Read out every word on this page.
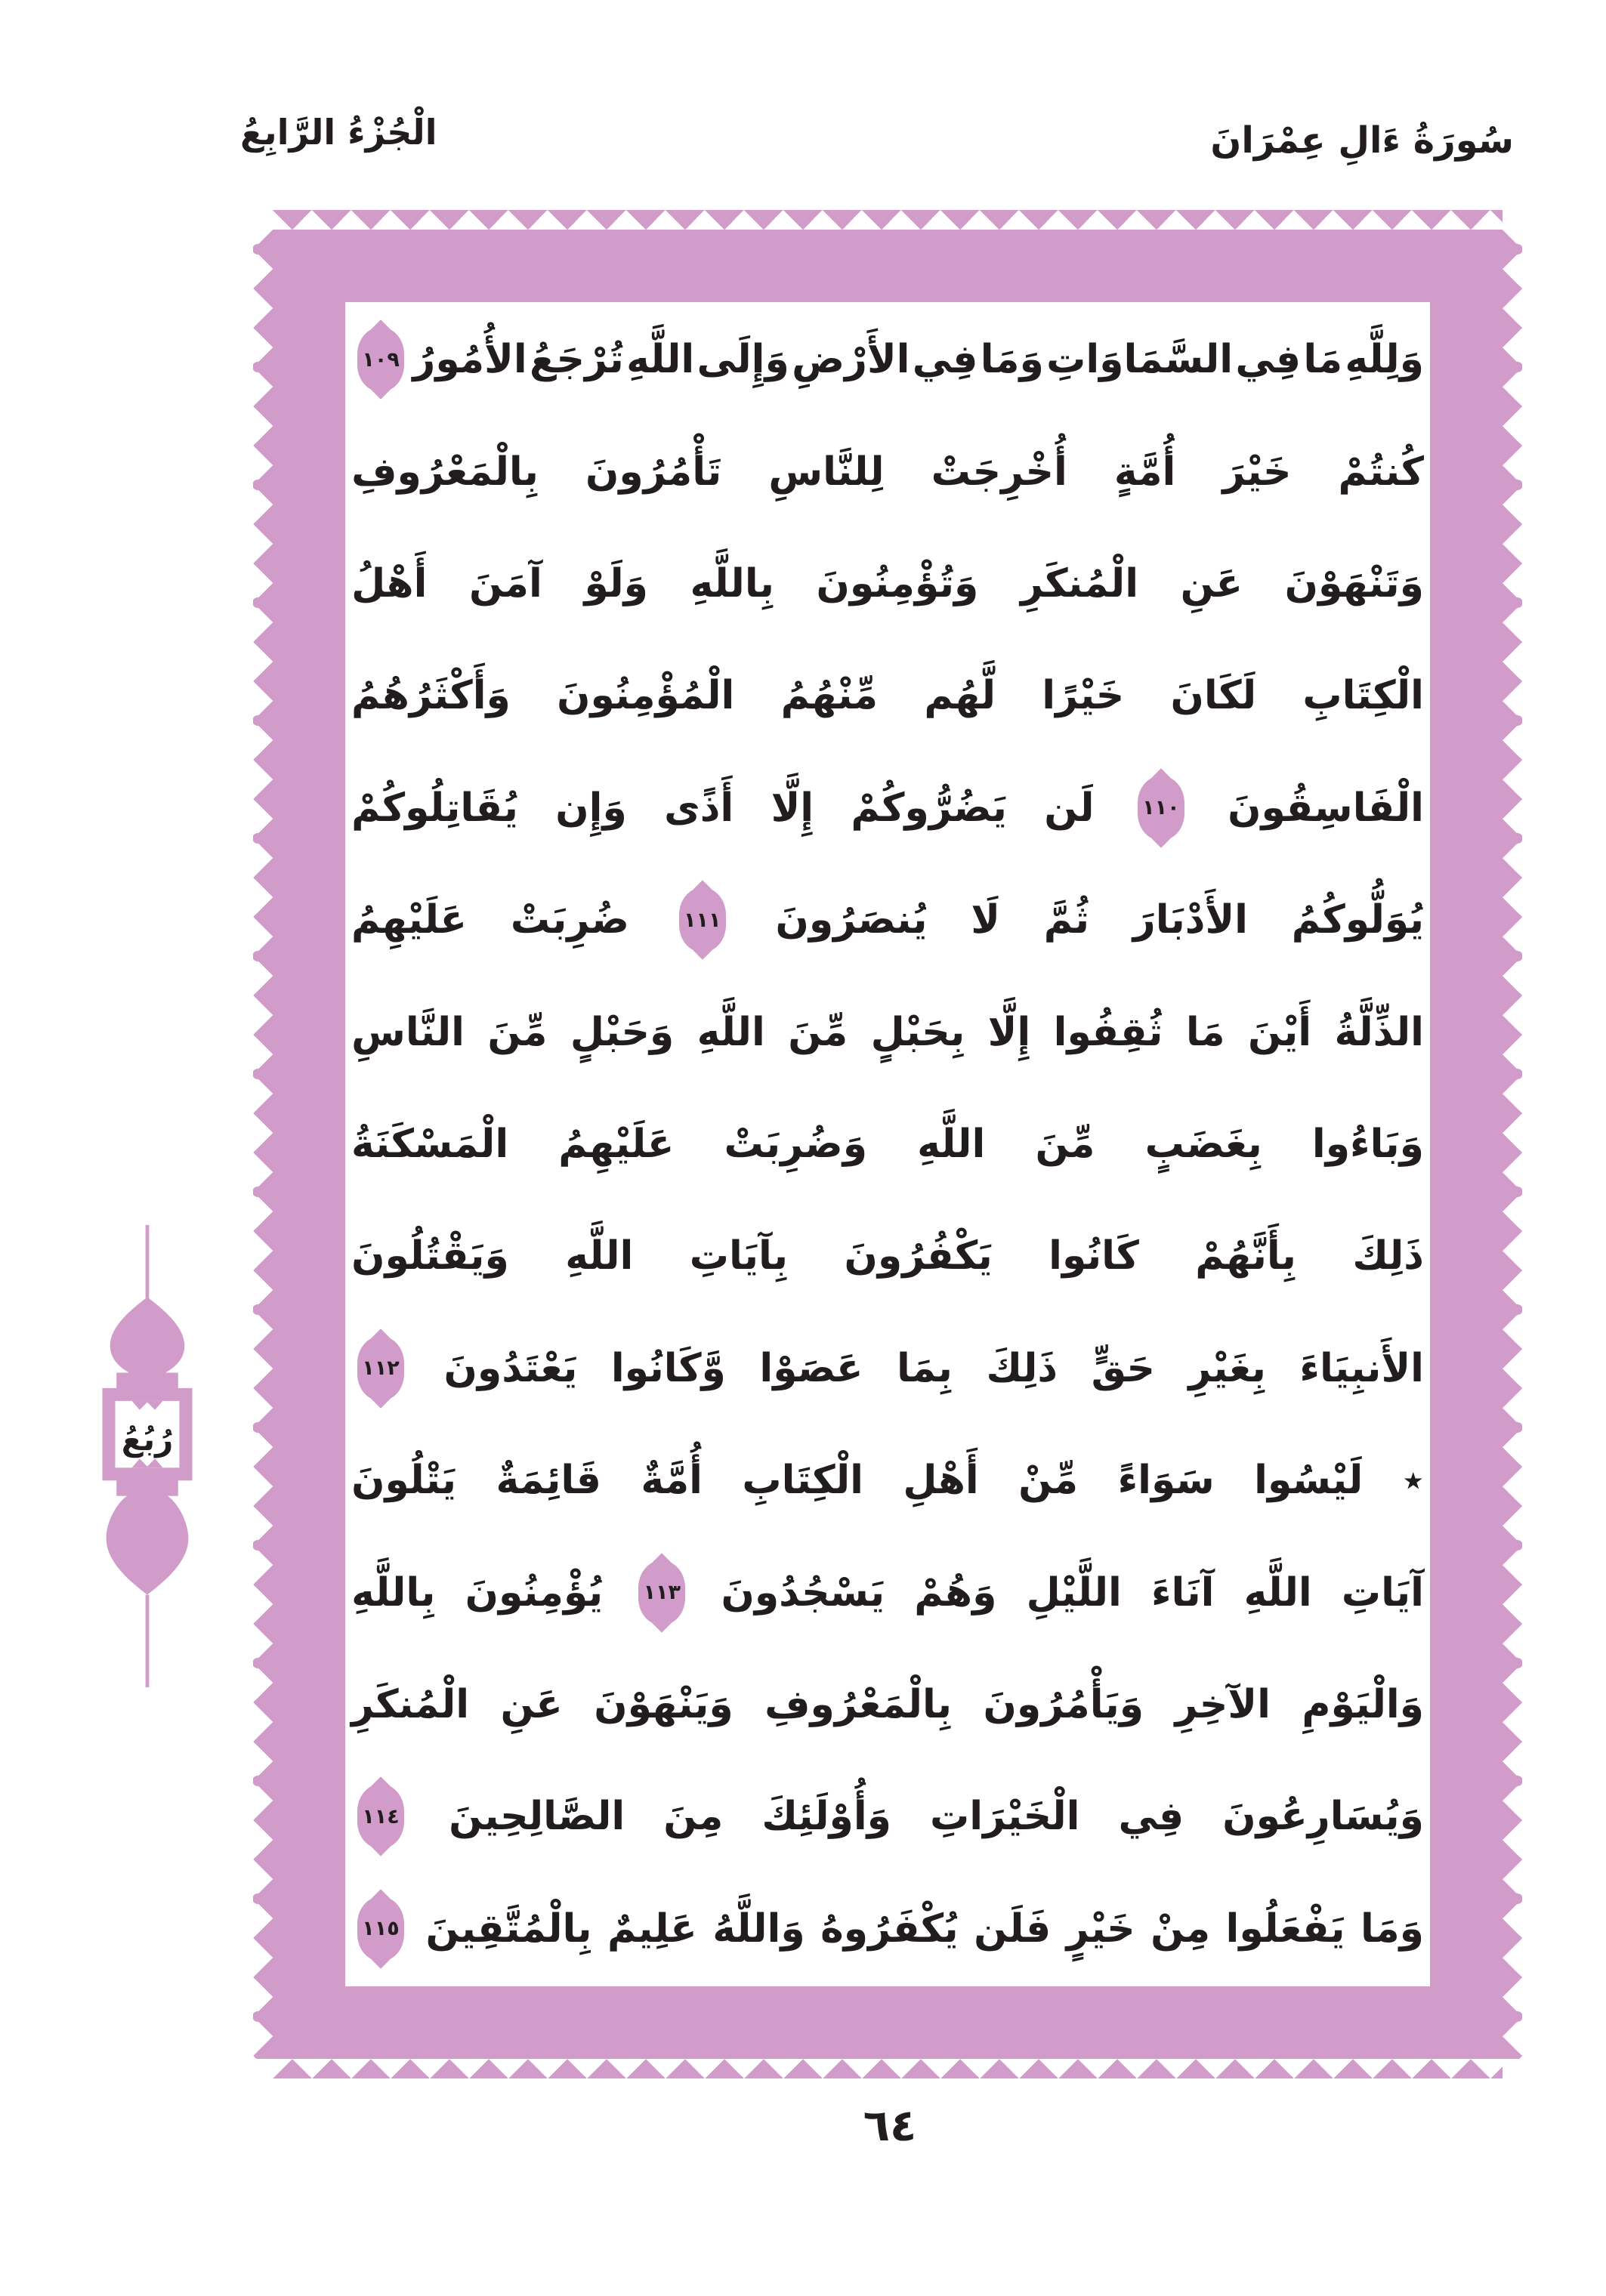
الْجُزْءُ الرَّابِعُ	سُورَةُ ءَالِ عِمْرَانَ
وَلِلَّهِ
مَا
فِي
السَّمَاوَاتِ
وَمَا
فِي
الأَرْضِ
وَإِلَى
اللَّهِ
تُرْجَعُ
الأُمُورُ
١٠٩
كُنتُمْ
خَيْرَ
أُمَّةٍ
أُخْرِجَتْ
لِلنَّاسِ
تَأْمُرُونَ
بِالْمَعْرُوفِ
وَتَنْهَوْنَ
عَنِ
الْمُنكَرِ
وَتُؤْمِنُونَ
بِاللَّهِ
وَلَوْ
آمَنَ
أَهْلُ
الْكِتَابِ
لَكَانَ
خَيْرًا
لَّهُم
مِّنْهُمُ
الْمُؤْمِنُونَ
وَأَكْثَرُهُمُ
الْفَاسِقُونَ
١١٠
لَن
يَضُرُّوكُمْ
إِلَّا
أَذًى
وَإِن
يُقَاتِلُوكُمْ
يُوَلُّوكُمُ
الأَدْبَارَ
ثُمَّ
لَا
يُنصَرُونَ
١١١
ضُرِبَتْ
عَلَيْهِمُ
الذِّلَّةُ
أَيْنَ
مَا
ثُقِفُوا
إِلَّا
بِحَبْلٍ
مِّنَ
اللَّهِ
وَحَبْلٍ
مِّنَ
النَّاسِ
وَبَاءُوا
بِغَضَبٍ
مِّنَ
اللَّهِ
وَضُرِبَتْ
عَلَيْهِمُ
الْمَسْكَنَةُ
ذَلِكَ
بِأَنَّهُمْ
كَانُوا
يَكْفُرُونَ
بِآيَاتِ
اللَّهِ
وَيَقْتُلُونَ
الأَنبِيَاءَ
بِغَيْرِ
حَقٍّ
ذَلِكَ
بِمَا
عَصَوْا
وَّكَانُوا
يَعْتَدُونَ
١١٢
٭
لَيْسُوا
سَوَاءً
مِّنْ
أَهْلِ
الْكِتَابِ
أُمَّةٌ
قَائِمَةٌ
يَتْلُونَ
آيَاتِ
اللَّهِ
آنَاءَ
اللَّيْلِ
وَهُمْ
يَسْجُدُونَ
١١٣
يُؤْمِنُونَ
بِاللَّهِ
وَالْيَوْمِ
الآخِرِ
وَيَأْمُرُونَ
بِالْمَعْرُوفِ
وَيَنْهَوْنَ
عَنِ
الْمُنكَرِ
وَيُسَارِعُونَ
فِي
الْخَيْرَاتِ
وَأُوْلَئِكَ
مِنَ
الصَّالِحِينَ
١١٤
وَمَا
يَفْعَلُوا
مِنْ
خَيْرٍ
فَلَن
يُكْفَرُوهُ
وَاللَّهُ
عَلِيمٌ
بِالْمُتَّقِينَ
١١٥
رُبُعُ
٦٤
